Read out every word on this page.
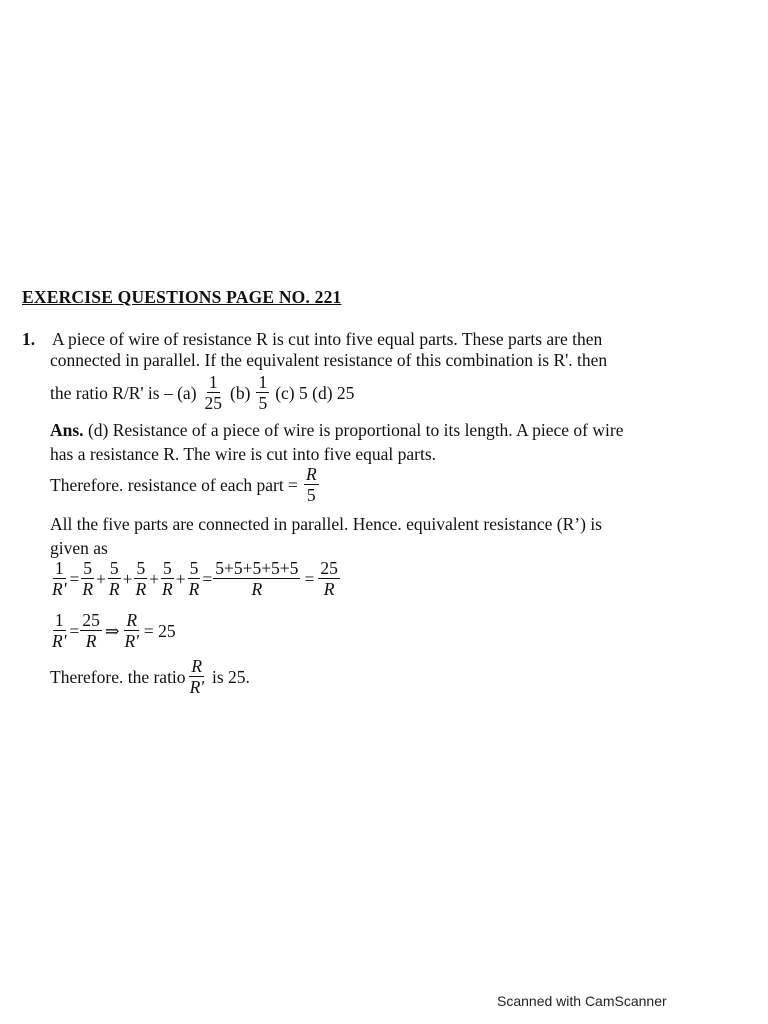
EXERCISE QUESTIONS PAGE NO. 221
1. A piece of wire of resistance R is cut into five equal parts. These parts are then
connected in parallel. If the equivalent resistance of this combination is R'. then
the ratio R/R' is – $(a) \frac{1}{25} (b) \frac{1}{5} (c)$ 5 (d) 25
Ans. (d) Resistance of a piece of wire is proportional to its length. A piece of wire
has a resistance R. The wire is cut into five equal parts.
Therefore. resistance of each part = $\frac{R}{5}$
All the five parts are connected in parallel. Hence. equivalent resistance (Rʼ) is
given as
$\frac{1}{R'} = \frac{5}{R} + \frac{5}{R} + \frac{5}{R} + \frac{5}{R} + \frac{5}{R} = \frac{5+5+5+5+5}{R} = \frac{25}{R}$
$\frac{1}{R'} = \frac{25}{R}$ ⇒ $\frac{R}{R'} = 25$
Therefore. the ratio $\frac{R}{R'}$ is 25.
Scanned with CamScanner
